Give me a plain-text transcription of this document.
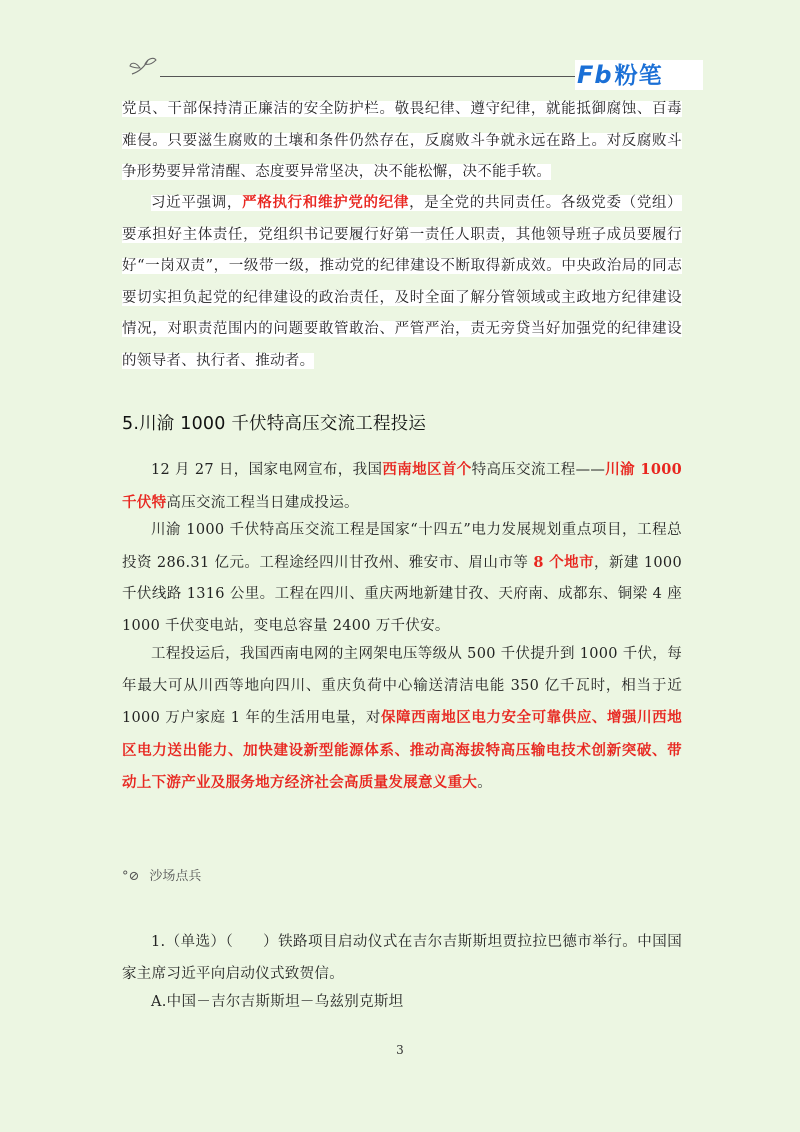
Fb粉笔

党员、干部保持清正廉洁的安全防护栏。敬畏纪律、遵守纪律，就能抵御腐蚀、百毒难侵。只要滋生腐败的土壤和条件仍然存在，反腐败斗争就永远在路上。对反腐败斗争形势要异常清醒、态度要异常坚决，决不能松懈，决不能手软。

习近平强调，严格执行和维护党的纪律，是全党的共同责任。各级党委（党组）要承担好主体责任，党组织书记要履行好第一责任人职责，其他领导班子成员要履行好“一岗双责”，一级带一级，推动党的纪律建设不断取得新成效。中央政治局的同志要切实担负起党的纪律建设的政治责任，及时全面了解分管领域或主政地方纪律建设情况，对职责范围内的问题要敢管敢治、严管严治，责无旁贷当好加强党的纪律建设的领导者、执行者、推动者。

5.川渝 1000 千伏特高压交流工程投运

12 月 27 日，国家电网宣布，我国西南地区首个特高压交流工程——川渝 1000 千伏特高压交流工程当日建成投运。

川渝 1000 千伏特高压交流工程是国家“十四五”电力发展规划重点项目，工程总投资 286.31 亿元。工程途经四川甘孜州、雅安市、眉山市等 8 个地市，新建 1000 千伏线路 1316 公里。工程在四川、重庆两地新建甘孜、天府南、成都东、铜梁 4 座 1000 千伏变电站，变电总容量 2400 万千伏安。

工程投运后，我国西南电网的主网架电压等级从 500 千伏提升到 1000 千伏，每年最大可从川西等地向四川、重庆负荷中心输送清洁电能 350 亿千瓦时，相当于近 1000 万户家庭 1 年的生活用电量，对保障西南地区电力安全可靠供应、增强川西地区电力送出能力、加快建设新型能源体系、推动高海拔特高压输电技术创新突破、带动上下游产业及服务地方经济社会高质量发展意义重大。

°⊘ 沙场点兵

1.（单选）（　　）铁路项目启动仪式在吉尔吉斯斯坦贾拉拉巴德市举行。中国国家主席习近平向启动仪式致贺信。

A.中国－吉尔吉斯斯坦－乌兹别克斯坦

3
